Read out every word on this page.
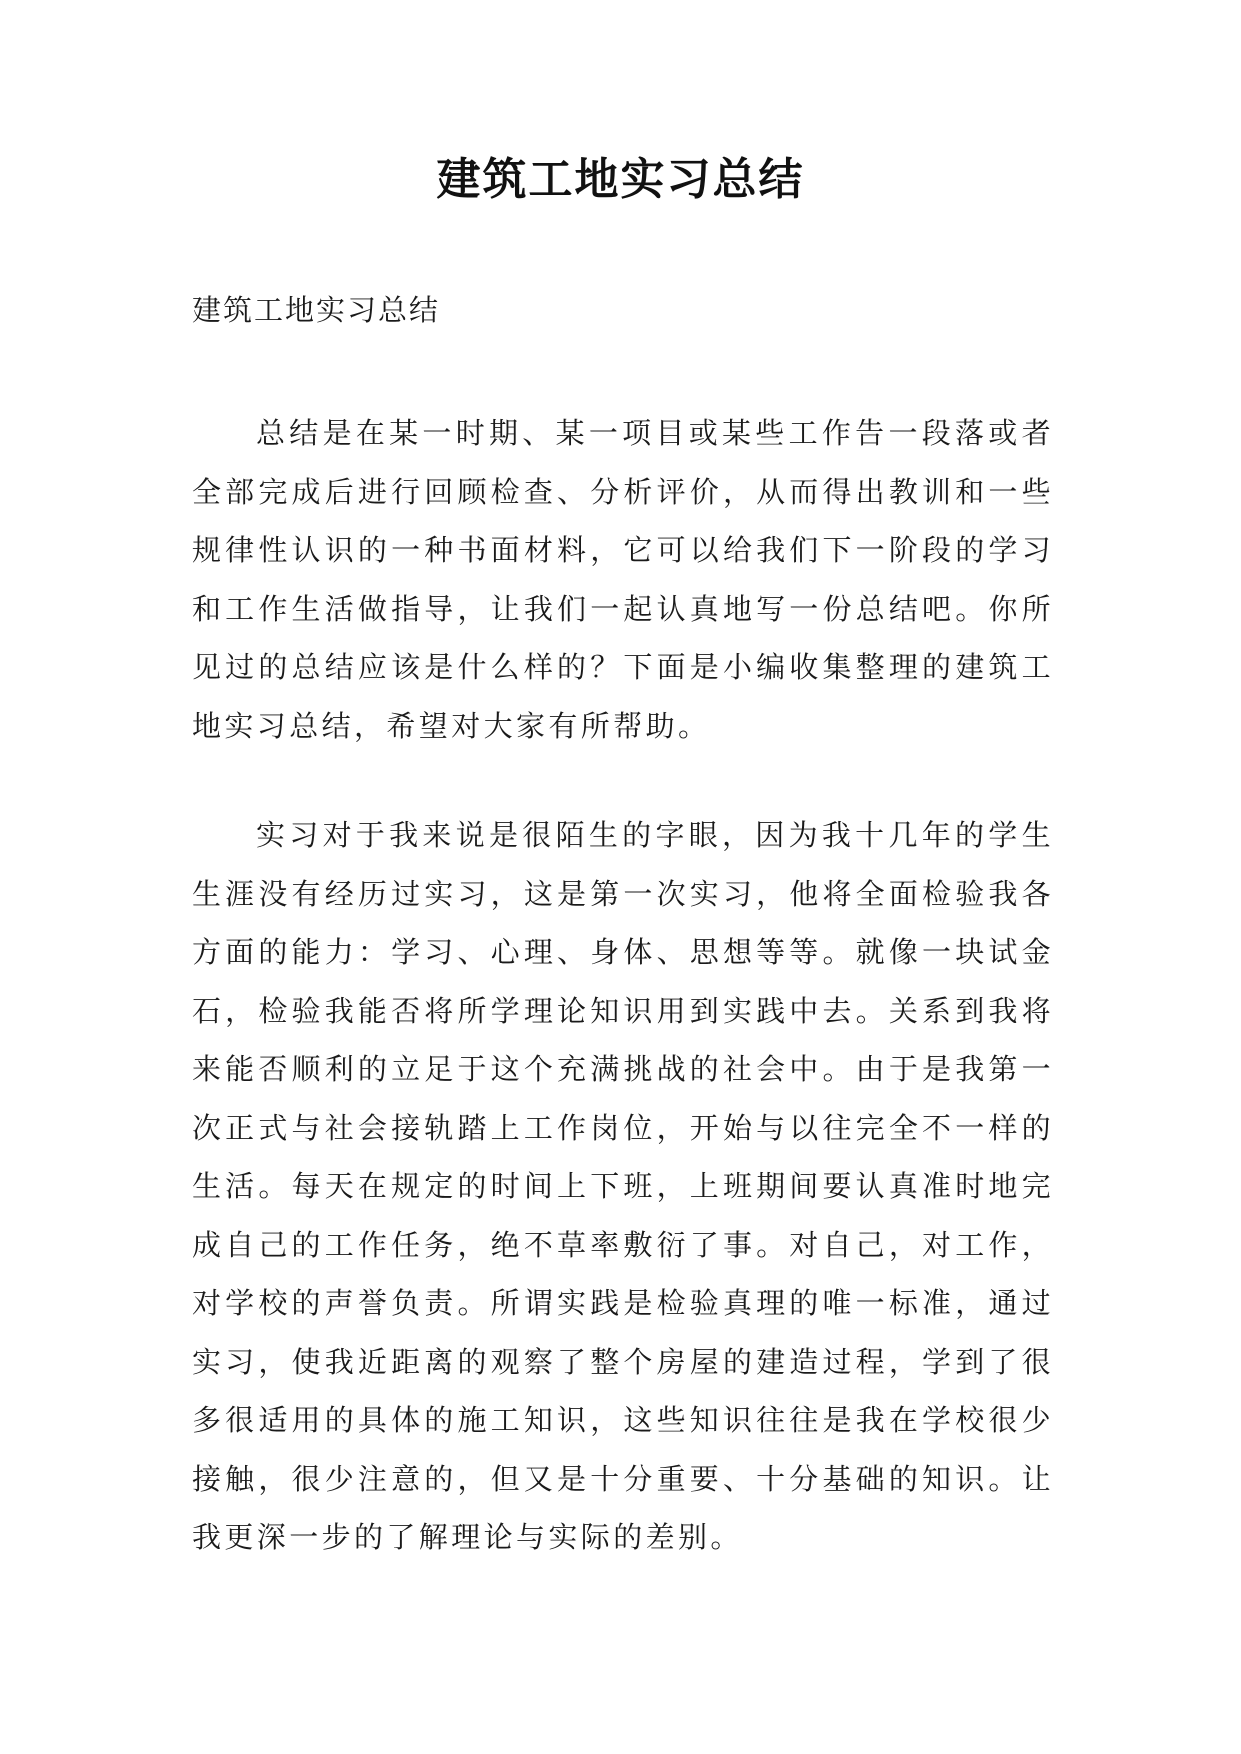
建筑工地实习总结

建筑工地实习总结

总结是在某一时期、某一项目或某些工作告一段落或者全部完成后进行回顾检查、分析评价，从而得出教训和一些规律性认识的一种书面材料，它可以给我们下一阶段的学习和工作生活做指导，让我们一起认真地写一份总结吧。你所见过的总结应该是什么样的？下面是小编收集整理的建筑工地实习总结，希望对大家有所帮助。

实习对于我来说是很陌生的字眼，因为我十几年的学生生涯没有经历过实习，这是第一次实习，他将全面检验我各方面的能力：学习、心理、身体、思想等等。就像一块试金石，检验我能否将所学理论知识用到实践中去。关系到我将来能否顺利的立足于这个充满挑战的社会中。由于是我第一次正式与社会接轨踏上工作岗位，开始与以往完全不一样的生活。每天在规定的时间上下班，上班期间要认真准时地完成自己的工作任务，绝不草率敷衍了事。对自己，对工作，对学校的声誉负责。所谓实践是检验真理的唯一标准，通过实习，使我近距离的观察了整个房屋的建造过程，学到了很多很适用的具体的施工知识，这些知识往往是我在学校很少接触，很少注意的，但又是十分重要、十分基础的知识。让我更深一步的了解理论与实际的差别。
